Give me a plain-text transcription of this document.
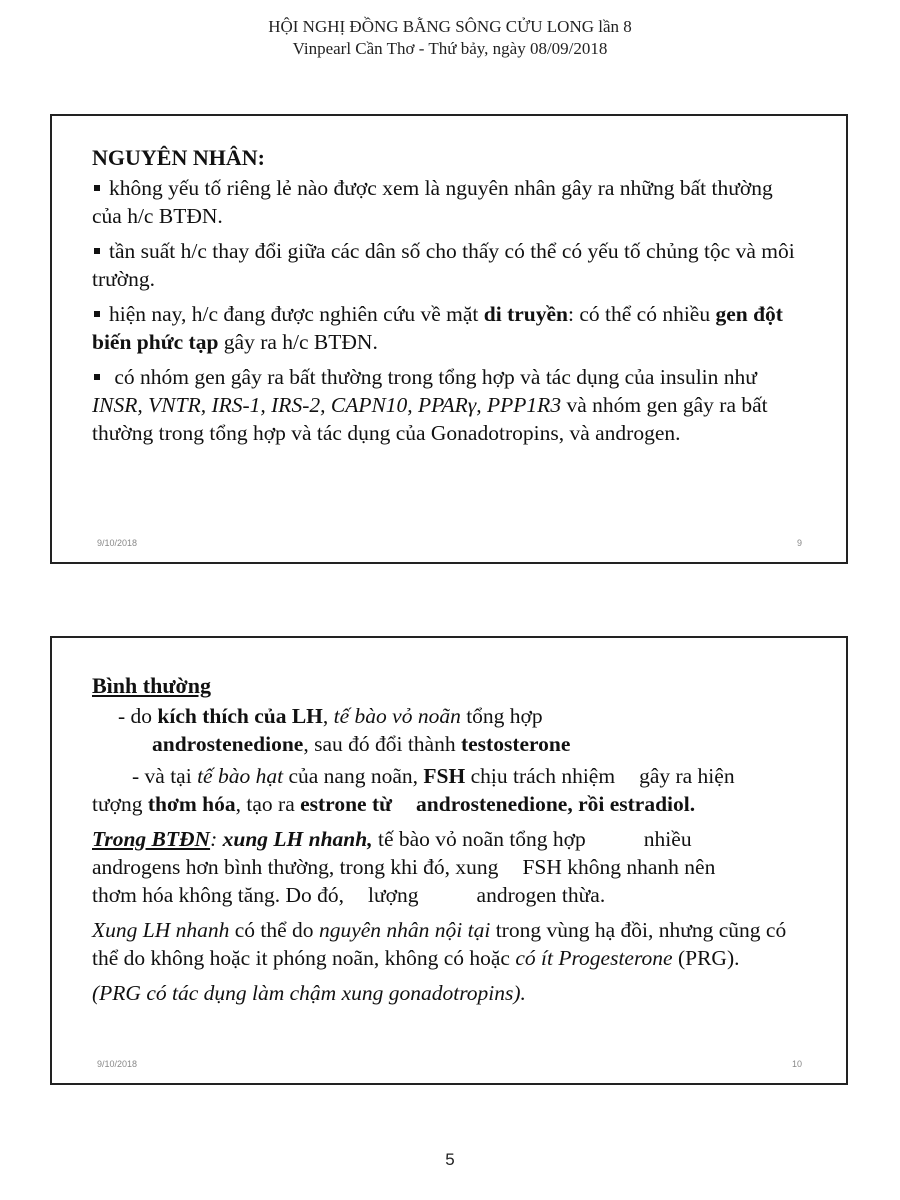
HỘI NGHỊ ĐỒNG BẰNG SÔNG CỬU LONG lần 8
Vinpearl Cần Thơ - Thứ bảy, ngày 08/09/2018
NGUYÊN NHÂN:

không yếu tố riêng lẻ nào được xem là nguyên nhân gây ra những bất thường của h/c BTĐN.

tần suất h/c thay đổi giữa các dân số cho thấy có thể có yếu tố chủng tộc và môi trường.

hiện nay, h/c đang được nghiên cứu về mặt di truyền: có thể có nhiều gen đột biến phức tạp gây ra h/c BTĐN.

có nhóm gen gây ra bất thường trong tổng hợp và tác dụng của insulin như INSR, VNTR, IRS-1, IRS-2, CAPN10, PPARγ, PPP1R3 và nhóm gen gây ra bất thường trong tổng hợp và tác dụng của Gonadotropins, và androgen.

9/10/2018	9
Bình thường

- do kích thích của LH, tế bào vỏ noãn tổng hợp

androstenedione, sau đó đổi thành testosterone

- và tại tế bào hạt của nang noãn, FSH chịu trách nhiệm gây ra hiện
tượng thơm hóa, tạo ra estrone từ androstenedione, rồi estradiol.

Trong BTĐN: xung LH nhanh, tế bào vỏ noãn tổng hợp	nhiều
androgens hơn bình thường, trong khi đó, xung FSH không nhanh nên
thơm hóa không tăng. Do đó, lượng	androgen thừa.

Xung LH nhanh có thể do nguyên nhân nội tại trong vùng hạ đồi, nhưng cũng có thể do không hoặc it phóng noãn, không có hoặc có ít Progesterone (PRG).

(PRG có tác dụng làm chậm xung gonadotropins).

9/10/2018	10
5
